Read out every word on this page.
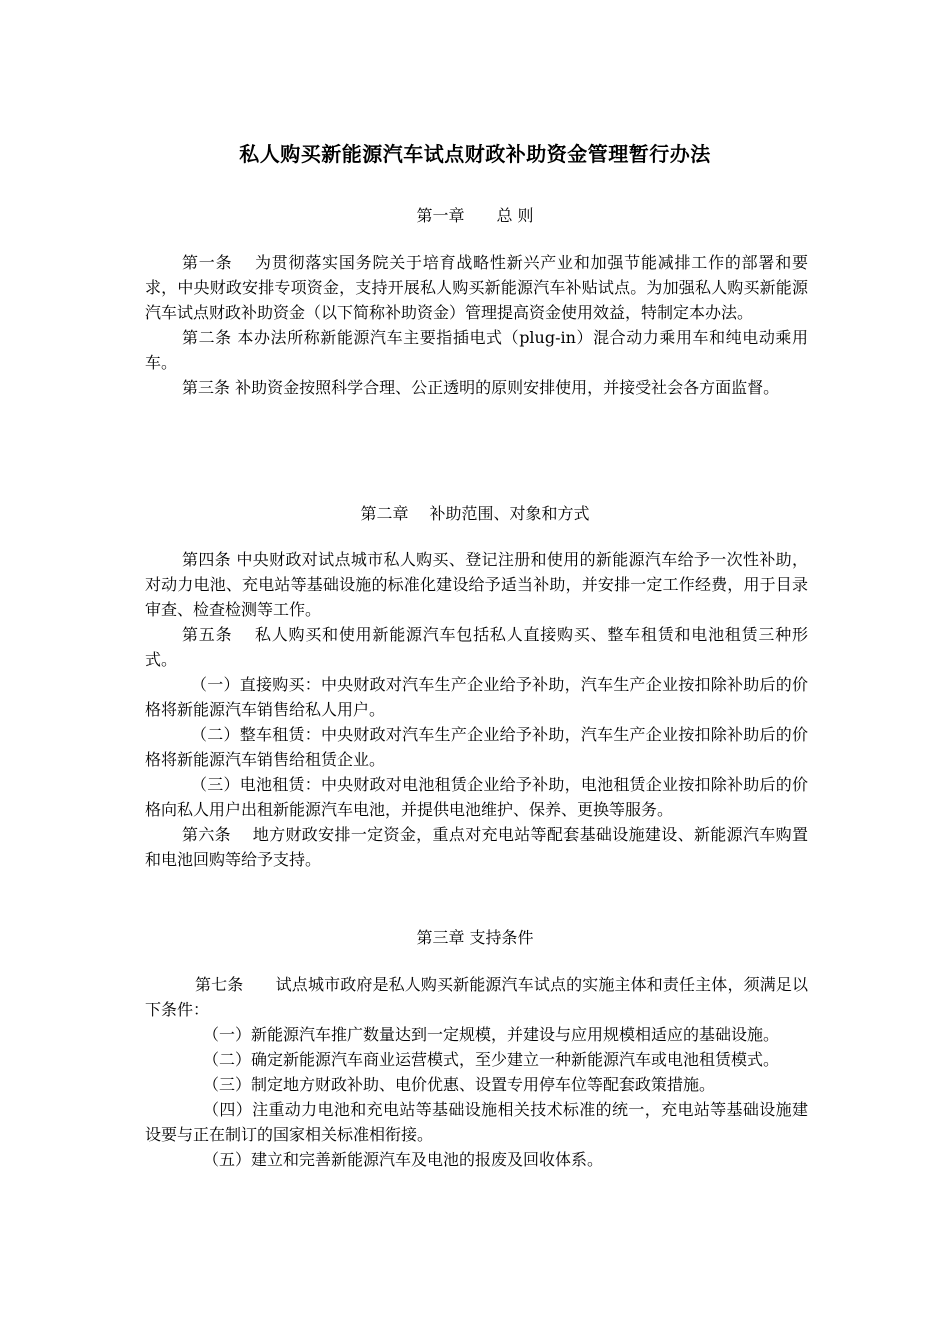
私人购买新能源汽车试点财政补助资金管理暂行办法
第一章　　总 则

第一条　 为贯彻落实国务院关于培育战略性新兴产业和加强节能减排工作的部署和要求，中央财政安排专项资金，支持开展私人购买新能源汽车补贴试点。为加强私人购买新能源汽车试点财政补助资金（以下简称补助资金）管理提高资金使用效益，特制定本办法。

第二条 本办法所称新能源汽车主要指插电式（plug-in）混合动力乘用车和纯电动乘用车。

第三条 补助资金按照科学合理、公正透明的原则安排使用，并接受社会各方面监督。

第二章　 补助范围、对象和方式

第四条 中央财政对试点城市私人购买、登记注册和使用的新能源汽车给予一次性补助，对动力电池、充电站等基础设施的标准化建设给予适当补助，并安排一定工作经费，用于目录审查、检查检测等工作。

第五条　 私人购买和使用新能源汽车包括私人直接购买、整车租赁和电池租赁三种形式。

（一）直接购买：中央财政对汽车生产企业给予补助，汽车生产企业按扣除补助后的价格将新能源汽车销售给私人用户。

（二）整车租赁：中央财政对汽车生产企业给予补助，汽车生产企业按扣除补助后的价格将新能源汽车销售给租赁企业。

（三）电池租赁：中央财政对电池租赁企业给予补助，电池租赁企业按扣除补助后的价格向私人用户出租新能源汽车电池，并提供电池维护、保养、更换等服务。

第六条　 地方财政安排一定资金，重点对充电站等配套基础设施建设、新能源汽车购置和电池回购等给予支持。

第三章 支持条件

第七条　　试点城市政府是私人购买新能源汽车试点的实施主体和责任主体，须满足以下条件：

（一）新能源汽车推广数量达到一定规模，并建设与应用规模相适应的基础设施。

（二）确定新能源汽车商业运营模式，至少建立一种新能源汽车或电池租赁模式。

（三）制定地方财政补助、电价优惠、设置专用停车位等配套政策措施。

（四）注重动力电池和充电站等基础设施相关技术标准的统一，充电站等基础设施建设要与正在制订的国家相关标准相衔接。

（五）建立和完善新能源汽车及电池的报废及回收体系。
